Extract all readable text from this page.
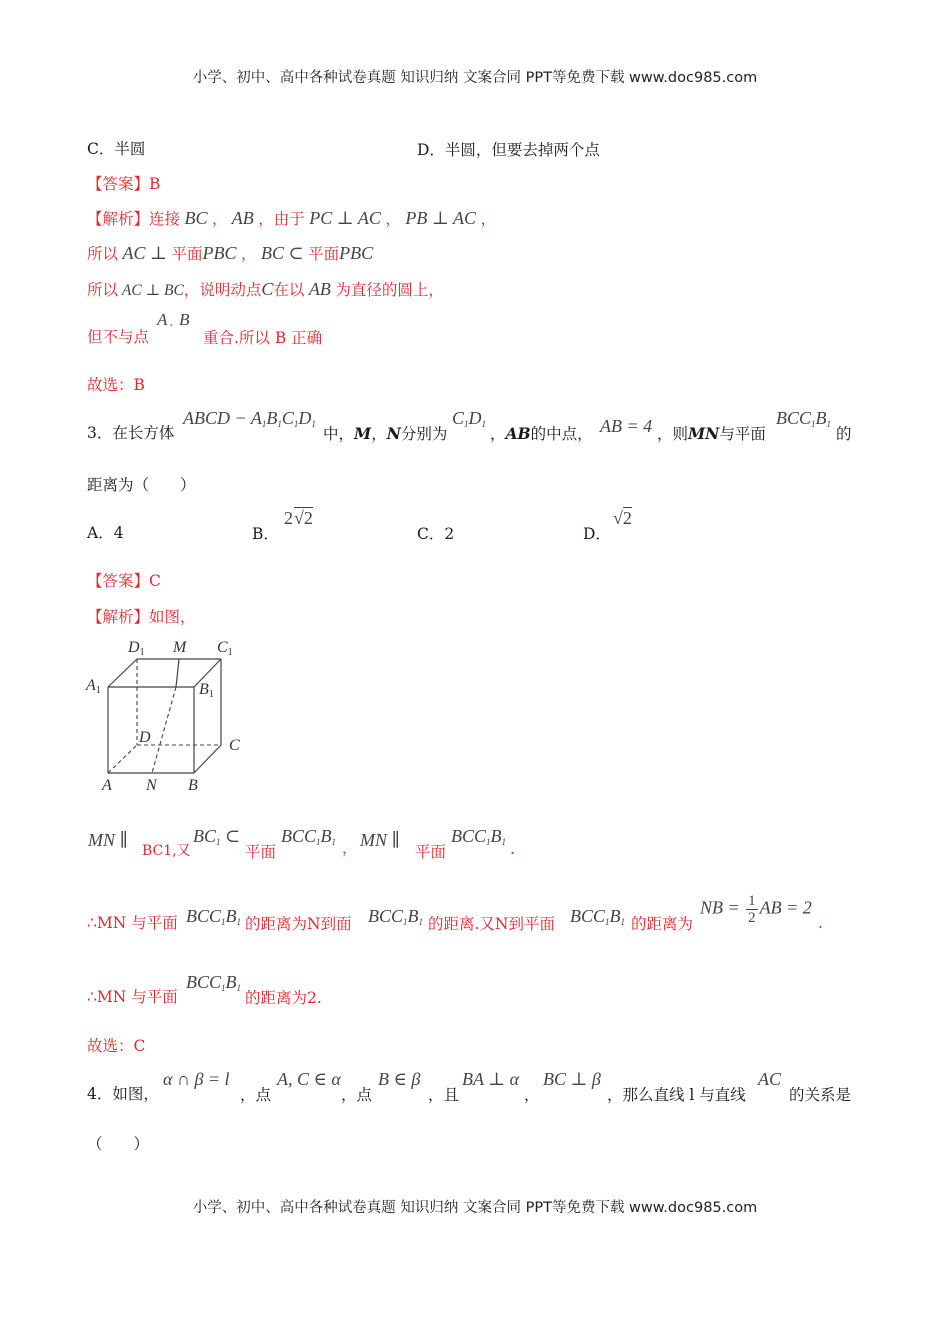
小学、初中、高中各种试卷真题 知识归纳 文案合同 PPT等免费下载 www.doc985.com
C．半圆	D．半圆，但要去掉两个点
【答案】B
【解析】连接 BC ， AB ，由于 PC ⊥ AC ， PB ⊥ AC ，
所以 AC ⊥ 平面PBC ， BC ⊂ 平面PBC
所以 AC ⊥ BC，说明动点C在以 AB 为直径的圆上，
但不与点
A ,  B
重合.所以 B 正确
故选：B
3．在长方体
ABCD − $A_1B_1C_1D_1$
中，M，N分别为
$C_1D_1$
，AB的中点， AB = 4 ，则MN与平面
$BCC_1B_1$
的
距离为（　　）
A．4	B．
2√2
C．2	D．
√2
【答案】C
【解析】如图，
D1 M C1
A1	B1
D	C
A N B
MN ∥
BC1,又
$BC_1$ ⊂
平面
$BCC_1B_1$ ， MN ∥
平面
$BCC_1B_1$ .
∴MN 与平面 $BCC_1B_1$ 的距离为N到面 $BCC_1B_1$ 的距离.又N到平面 $BCC_1B_1$ 的距离为
NB = $\frac{1}{2}$ AB = 2
.
∴MN 与平面
$BCC_1B_1$
的距离为2.
故选：C
4．如图，
α ∩ β = l
，点
A, C ∈ α
，点
B ∈ β
，且
BA ⊥ α
，
BC ⊥ β
，那么直线 l 与直线
AC
的关系是
（　　）
小学、初中、高中各种试卷真题 知识归纳 文案合同 PPT等免费下载 www.doc985.com
